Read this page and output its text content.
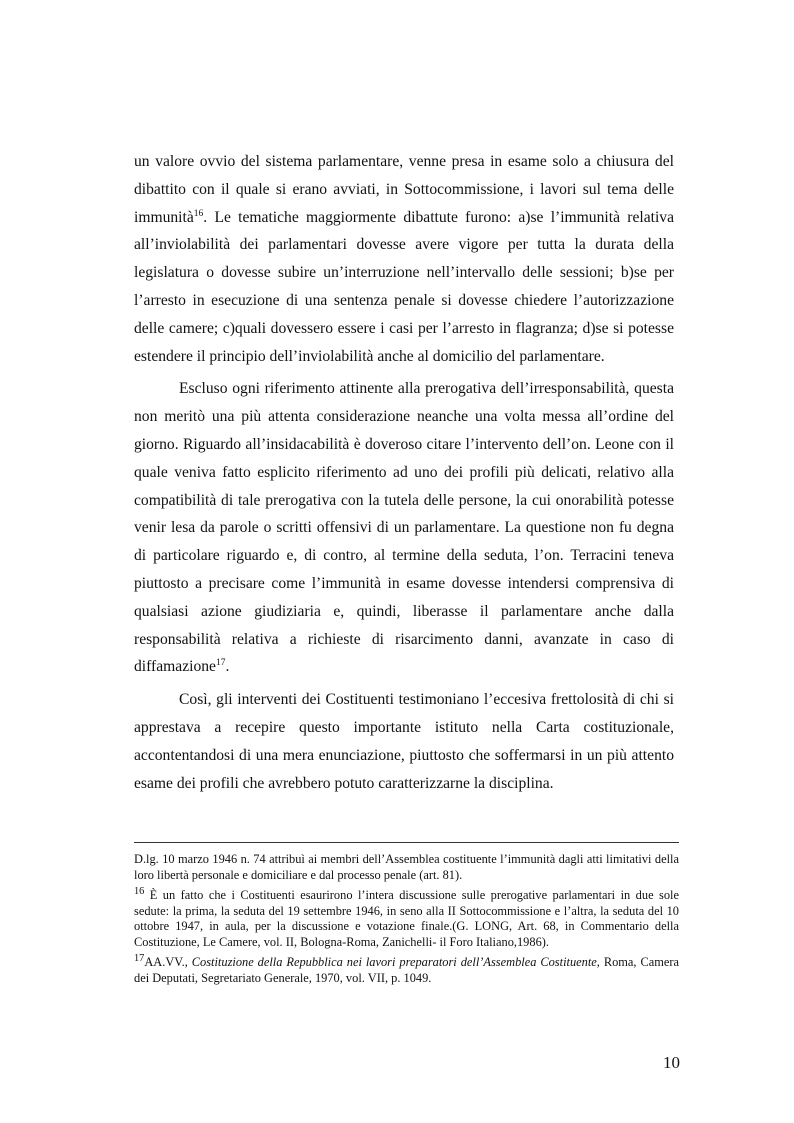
un valore ovvio del sistema parlamentare, venne presa in esame solo a chiusura del dibattito con il quale si erano avviati, in Sottocommissione, i lavori sul tema delle immunità$^{16}$. Le tematiche maggiormente dibattute furono: a)se l’immunità relativa all’inviolabilità dei parlamentari dovesse avere vigore per tutta la durata della legislatura o dovesse subire un’interruzione nell’intervallo delle sessioni; b)se per l’arresto in esecuzione di una sentenza penale si dovesse chiedere l’autorizzazione delle camere; c)quali dovessero essere i casi per l’arresto in flagranza; d)se si potesse estendere il principio dell’inviolabilità anche al domicilio del parlamentare.

Escluso ogni riferimento attinente alla prerogativa dell’irresponsabilità, questa non meritò una più attenta considerazione neanche una volta messa all’ordine del giorno. Riguardo all’insidacabilità è doveroso citare l’intervento dell’on. Leone con il quale veniva fatto esplicito riferimento ad uno dei profili più delicati, relativo alla compatibilità di tale prerogativa con la tutela delle persone, la cui onorabilità potesse venir lesa da parole o scritti offensivi di un parlamentare. La questione non fu degna di particolare riguardo e, di contro, al termine della seduta, l’on. Terracini teneva piuttosto a precisare come l’immunità in esame dovesse intendersi comprensiva di qualsiasi azione giudiziaria e, quindi, liberasse il parlamentare anche dalla responsabilità relativa a richieste di risarcimento danni, avanzate in caso di diffamazione$^{17}$.

Così, gli interventi dei Costituenti testimoniano l’eccesiva frettolosità di chi si apprestava a recepire questo importante istituto nella Carta costituzionale, accontentandosi di una mera enunciazione, piuttosto che soffermarsi in un più attento esame dei profili che avrebbero potuto caratterizzarne la disciplina.

D.lg. 10 marzo 1946 n. 74 attribuì ai membri dell’Assemblea costituente l’immunità dagli atti limitativi della loro libertà personale e domiciliare e dal processo penale (art. 81).

$^{16}$ È un fatto che i Costituenti esaurirono l’intera discussione sulle prerogative parlamentari in due sole sedute: la prima, la seduta del 19 settembre 1946, in seno alla II Sottocommissione e l’altra, la seduta del 10 ottobre 1947, in aula, per la discussione e votazione finale.(G. LONG, Art. 68, in Commentario della Costituzione, Le Camere, vol. II, Bologna-Roma, Zanichelli- il Foro Italiano,1986).

$^{17}$AA.VV., Costituzione della Repubblica nei lavori preparatori dell’Assemblea Costituente, Roma, Camera dei Deputati, Segretariato Generale, 1970, vol. VII, p. 1049.

10
